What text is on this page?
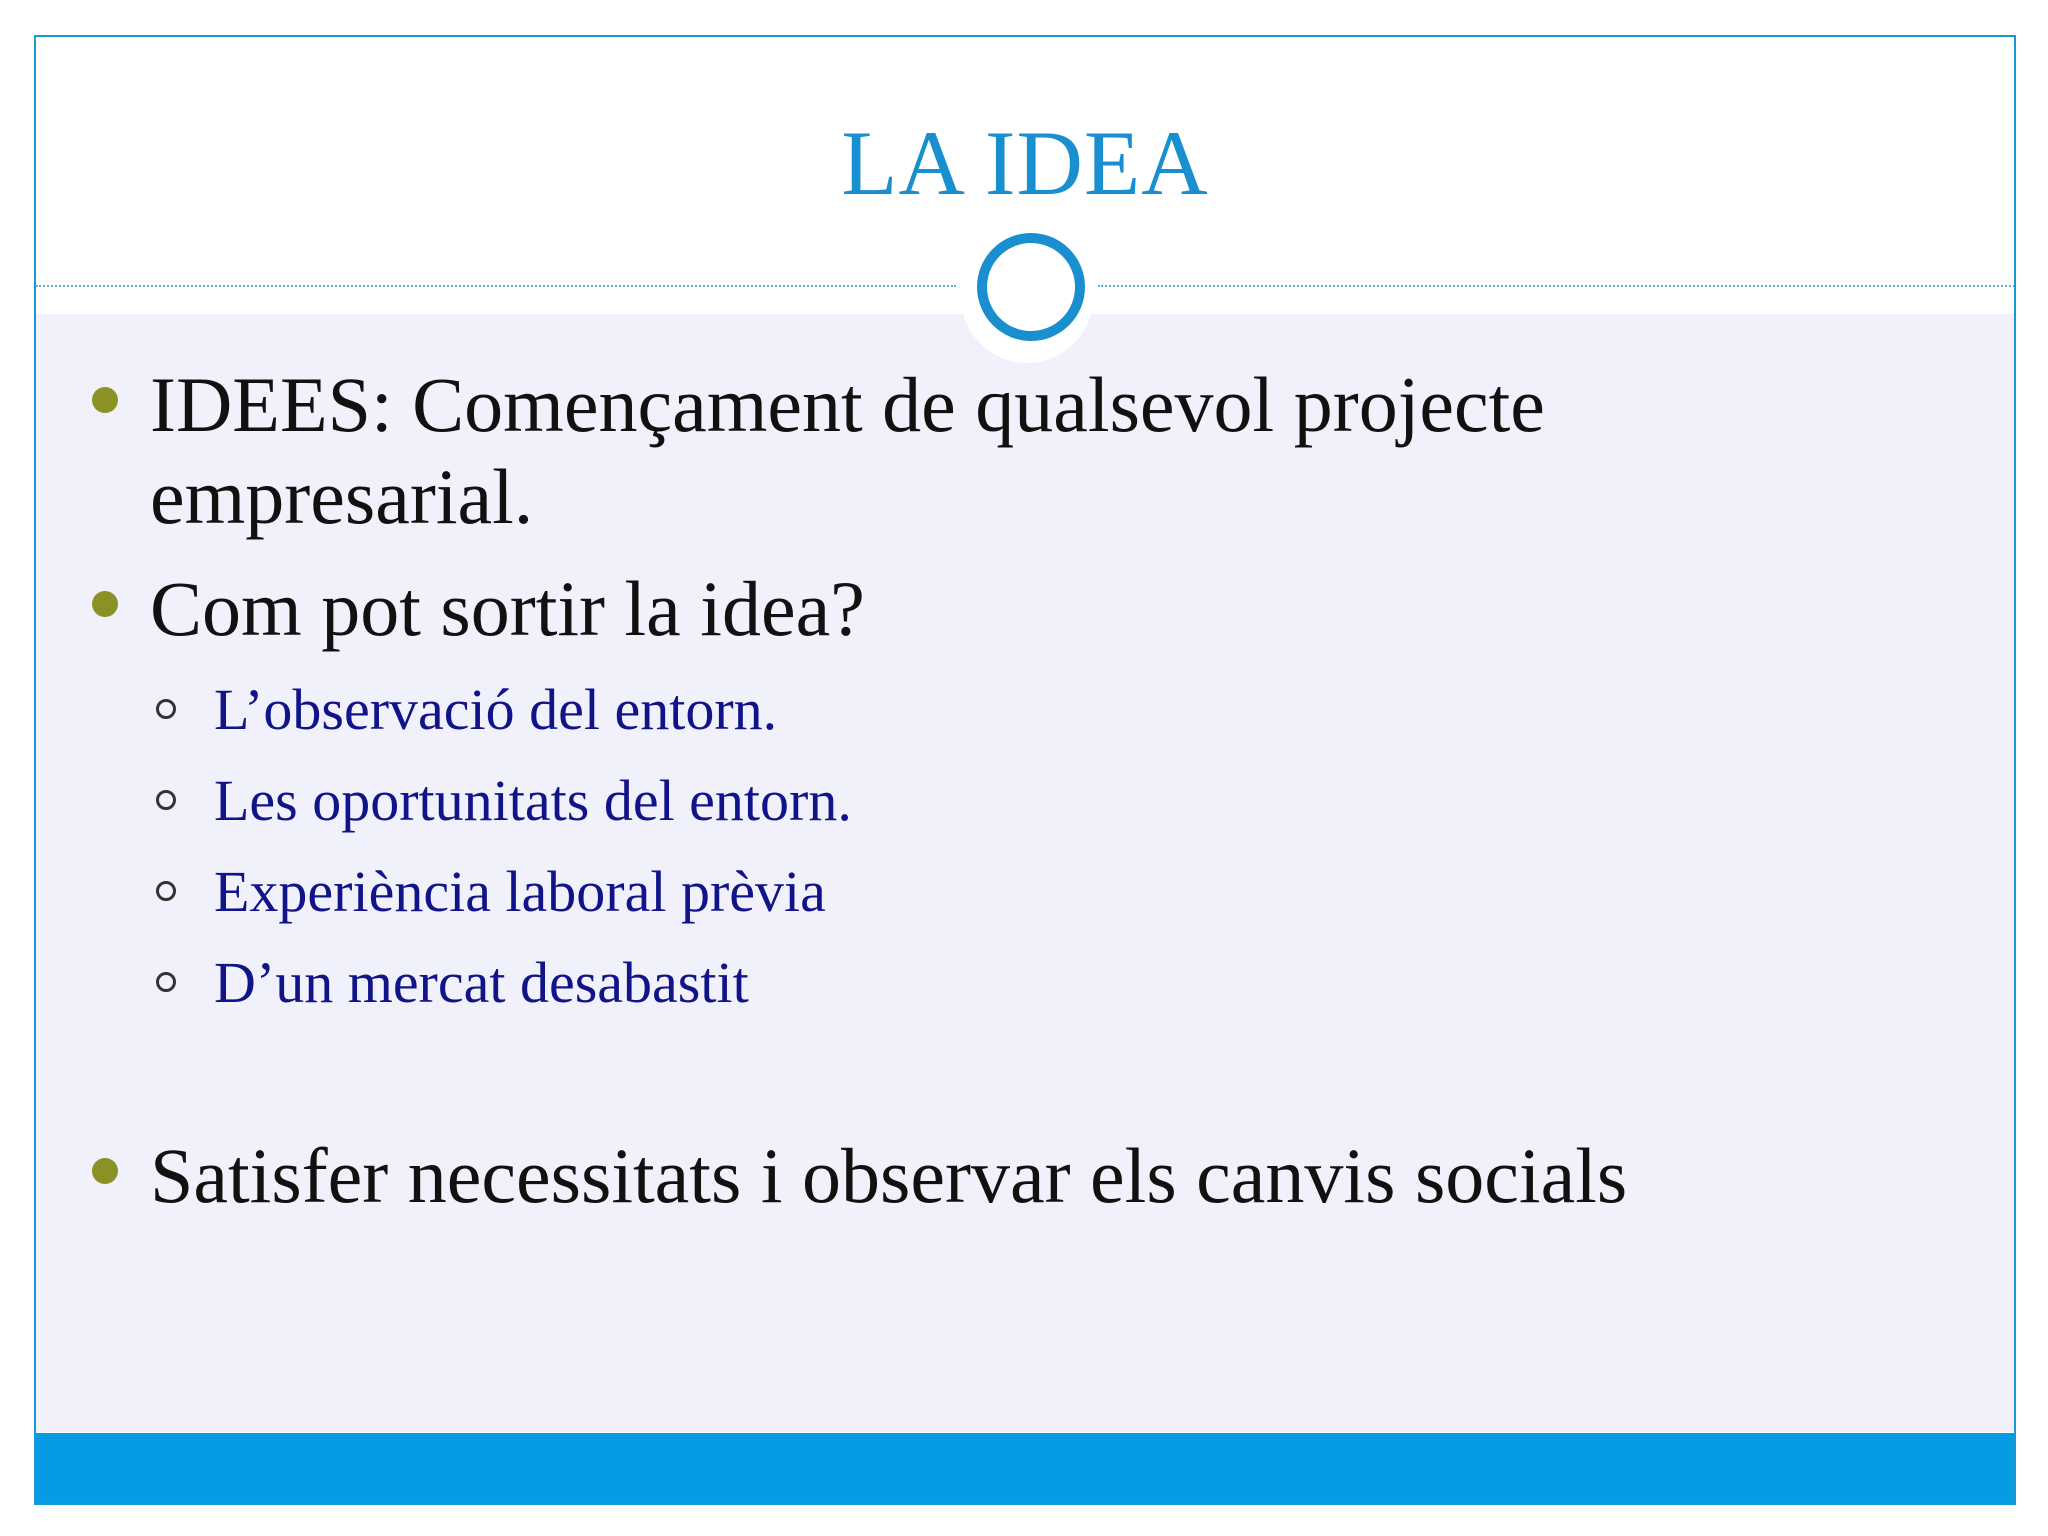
LA IDEA
IDEES: Començament de qualsevol projecte
empresarial.
Com pot sortir la idea?
L’observació del entorn.
Les oportunitats del entorn.
Experiència laboral prèvia
D’un mercat desabastit
Satisfer necessitats i observar els canvis socials
